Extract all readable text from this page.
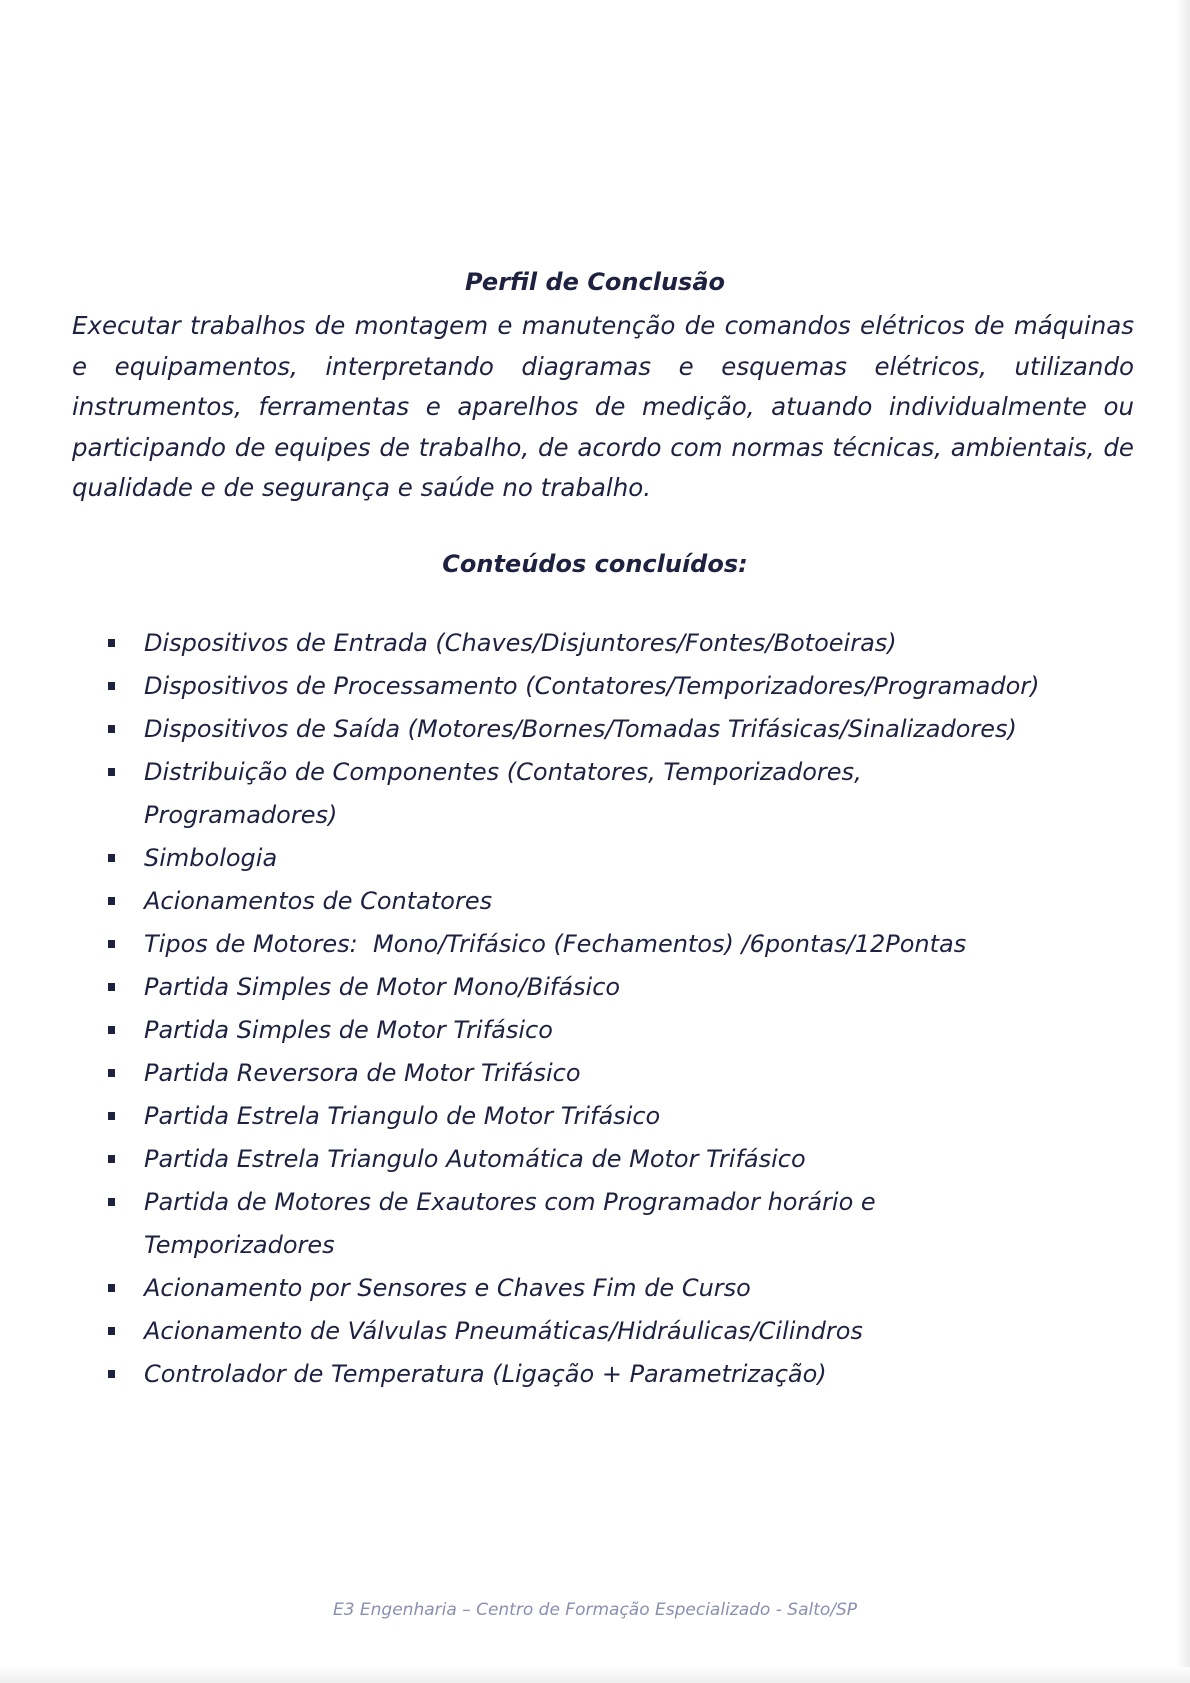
Perfil de Conclusão

Executar trabalhos de montagem e manutenção de comandos elétricos de máquinas e equipamentos, interpretando diagramas e esquemas elétricos, utilizando instrumentos, ferramentas e aparelhos de medição, atuando individualmente ou participando de equipes de trabalho, de acordo com normas técnicas, ambientais, de qualidade e de segurança e saúde no trabalho.

Conteúdos concluídos:
Dispositivos de Entrada (Chaves/Disjuntores/Fontes/Botoeiras)
Dispositivos de Processamento (Contatores/Temporizadores/Programador)
Dispositivos de Saída (Motores/Bornes/Tomadas Trifásicas/Sinalizadores)
Distribuição de Componentes (Contatores, Temporizadores, Programadores)
Simbologia
Acionamentos de Contatores
Tipos de Motores:  Mono/Trifásico (Fechamentos) /6pontas/12Pontas
Partida Simples de Motor Mono/Bifásico
Partida Simples de Motor Trifásico
Partida Reversora de Motor Trifásico
Partida Estrela Triangulo de Motor Trifásico
Partida Estrela Triangulo Automática de Motor Trifásico
Partida de Motores de Exautores com Programador horário e Temporizadores
Acionamento por Sensores e Chaves Fim de Curso
Acionamento de Válvulas Pneumáticas/Hidráulicas/Cilindros
Controlador de Temperatura (Ligação + Parametrização)

E3 Engenharia – Centro de Formação Especializado - Salto/SP
